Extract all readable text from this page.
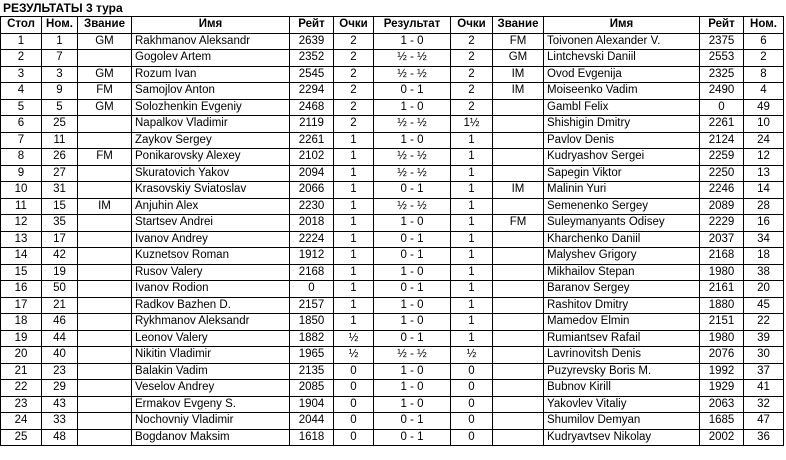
РЕЗУЛЬТАТЫ 3 тура
Стол	Ном.	Звание	Имя	Рейт	Очки	Результат	Очки	Звание	Имя	Рейт	Ном.
1	1	GM	Rakhmanov Aleksandr	2639	2	1 - 0	2	FM	Toivonen Alexander V.	2375	6
2	7		Gogolev Artem	2352	2	½ - ½	2	GM	Lintchevski Daniil	2553	2
3	3	GM	Rozum Ivan	2545	2	½ - ½	2	IM	Ovod Evgenija	2325	8
4	9	FM	Samojlov Anton	2294	2	0 - 1	2	IM	Moiseenko Vadim	2490	4
5	5	GM	Solozhenkin Evgeniy	2468	2	1 - 0	2		Gambl Felix	0	49
6	25		Napalkov Vladimir	2119	2	½ - ½	1½		Shishigin Dmitry	2261	10
7	11		Zaykov Sergey	2261	1	1 - 0	1		Pavlov Denis	2124	24
8	26	FM	Ponikarovsky Alexey	2102	1	½ - ½	1		Kudryashov Sergei	2259	12
9	27		Skuratovich Yakov	2094	1	½ - ½	1		Sapegin Viktor	2250	13
10	31		Krasovskiy Sviatoslav	2066	1	0 - 1	1	IM	Malinin Yuri	2246	14
11	15	IM	Anjuhin Alex	2230	1	½ - ½	1		Semenenko Sergey	2089	28
12	35		Startsev Andrei	2018	1	1 - 0	1	FM	Suleymanyants Odisey	2229	16
13	17		Ivanov Andrey	2224	1	0 - 1	1		Kharchenko Daniil	2037	34
14	42		Kuznetsov Roman	1912	1	0 - 1	1		Malyshev Grigory	2168	18
15	19		Rusov Valery	2168	1	1 - 0	1		Mikhailov Stepan	1980	38
16	50		Ivanov Rodion	0	1	0 - 1	1		Baranov Sergey	2161	20
17	21		Radkov Bazhen D.	2157	1	1 - 0	1		Rashitov Dmitry	1880	45
18	46		Rykhmanov Aleksandr	1850	1	1 - 0	1		Mamedov Elmin	2151	22
19	44		Leonov Valery	1882	½	0 - 1	1		Rumiantsev Rafail	1980	39
20	40		Nikitin Vladimir	1965	½	½ - ½	½		Lavrinovitsh Denis	2076	30
21	23		Balakin Vadim	2135	0	1 - 0	0		Puzyrevsky Boris M.	1992	37
22	29		Veselov Andrey	2085	0	1 - 0	0		Bubnov Kirill	1929	41
23	43		Ermakov Evgeny S.	1904	0	1 - 0	0		Yakovlev Vitaliy	2063	32
24	33		Nochovniy Vladimir	2044	0	0 - 1	0		Shumilov Demyan	1685	47
25	48		Bogdanov Maksim	1618	0	0 - 1	0		Kudryavtsev Nikolay	2002	36
